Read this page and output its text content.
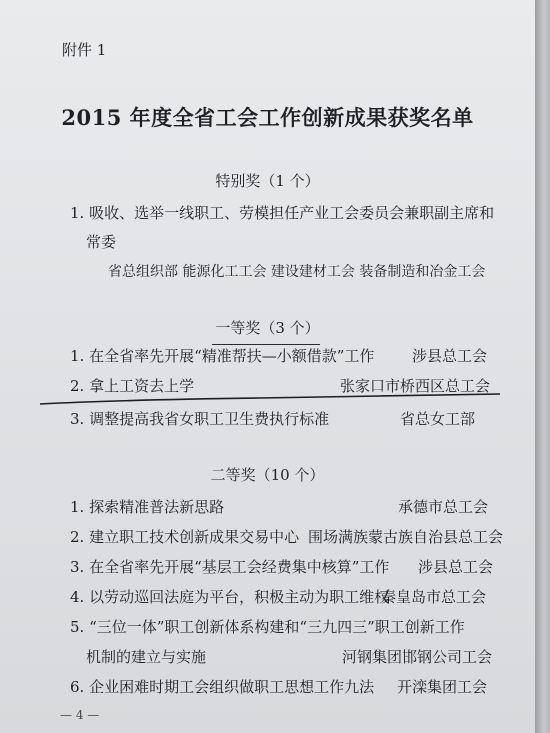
附件 1
2015 年度全省工会工作创新成果获奖名单
特别奖（1 个）
1. 吸收、选举一线职工、劳模担任产业工会委员会兼职副主席和
常委
省总组织部 能源化工工会 建设建材工会 装备制造和冶金工会
一等奖（3 个）
1. 在全省率先开展“精准帮扶—小额借款”工作	涉县总工会
2. 拿上工资去上学	张家口市桥西区总工会
3. 调整提高我省女职工卫生费执行标准	省总女工部
二等奖（10 个）
1. 探索精准普法新思路	承德市总工会
2. 建立职工技术创新成果交易中心 围场满族蒙古族自治县总工会
3. 在全省率先开展“基层工会经费集中核算”工作 涉县总工会
4. 以劳动巡回法庭为平台，积极主动为职工维权
秦皇岛市总工会
5. “三位一体”职工创新体系构建和“三九四三”职工创新工作
机制的建立与实施	河钢集团邯钢公司工会
6. 企业困难时期工会组织做职工思想工作九法 开滦集团工会
— 4 —
